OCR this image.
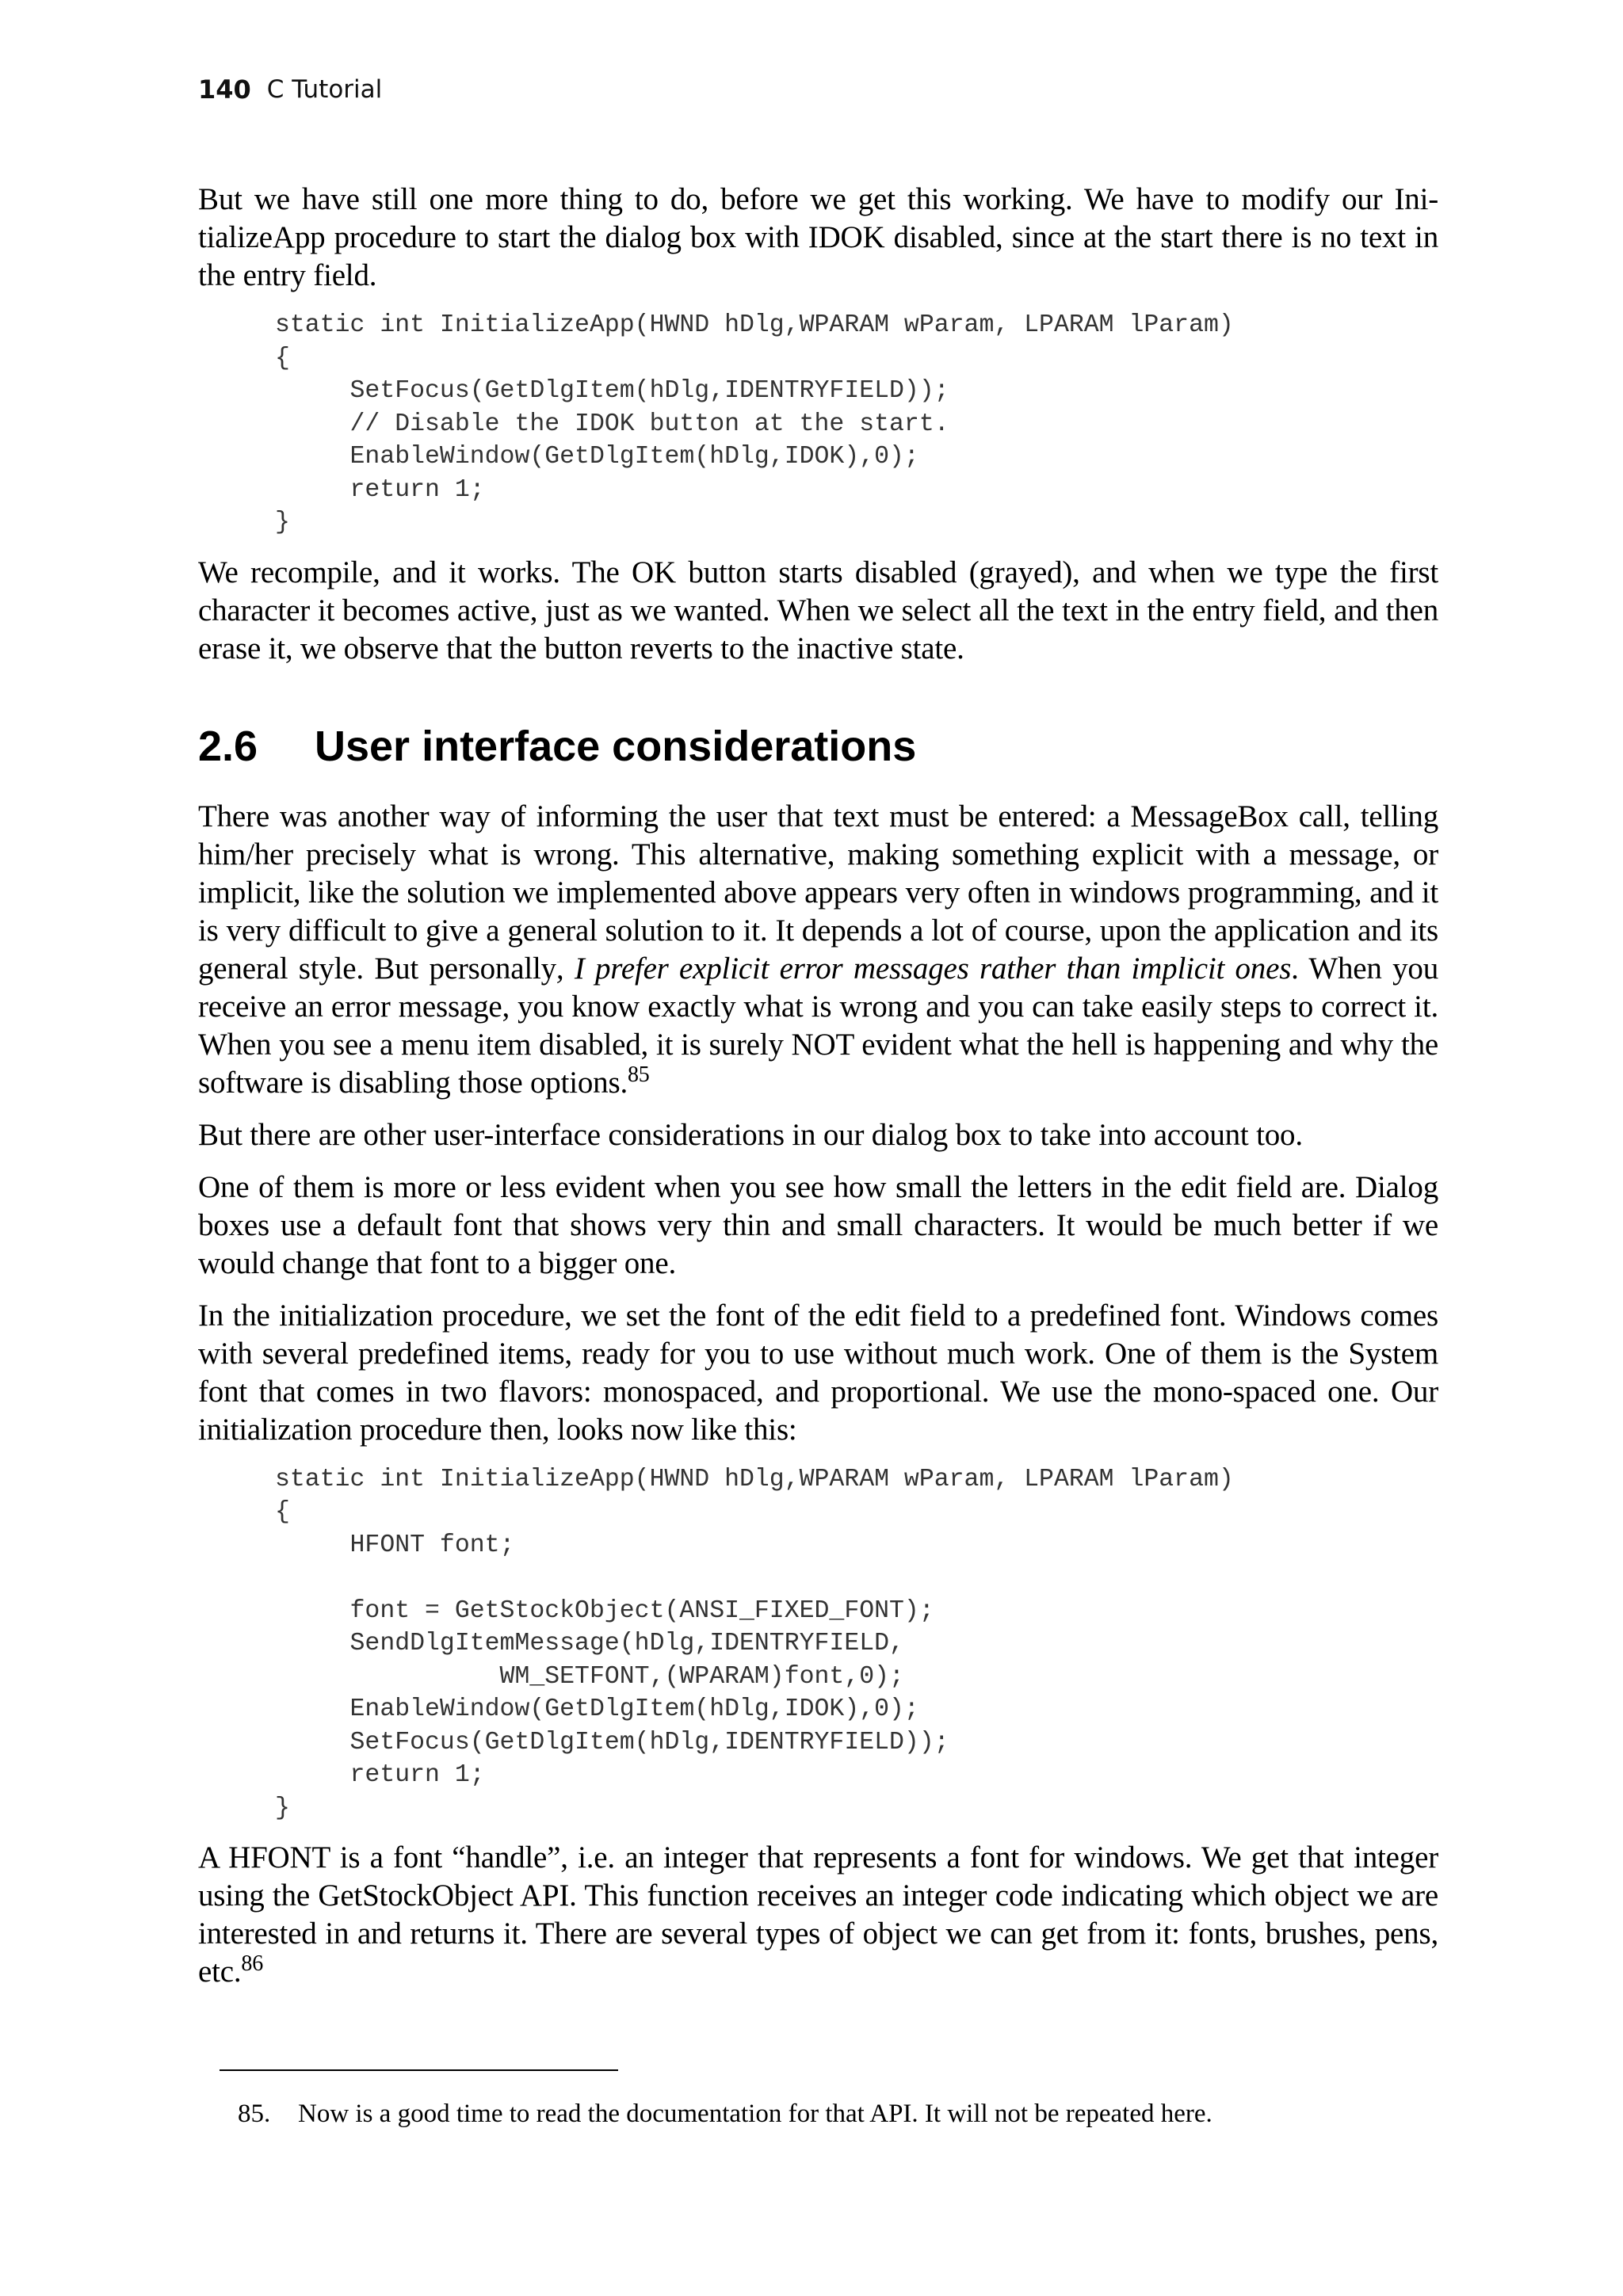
140 C Tutorial

But we have still one more thing to do, before we get this working. We have to modify our Ini-tializeApp procedure to start the dialog box with IDOK disabled, since at the start there is no text in the entry field.

static int InitializeApp(HWND hDlg,WPARAM wParam, LPARAM lParam)
{
SetFocus(GetDlgItem(hDlg,IDENTRYFIELD));
// Disable the IDOK button at the start.
EnableWindow(GetDlgItem(hDlg,IDOK),0);
return 1;
}

We recompile, and it works. The OK button starts disabled (grayed), and when we type the first character it becomes active, just as we wanted. When we select all the text in the entry field, and then erase it, we observe that the button reverts to the inactive state.

2.6	User interface considerations

There was another way of informing the user that text must be entered: a MessageBox call, telling him/her precisely what is wrong. This alternative, making something explicit with a message, or implicit, like the solution we implemented above appears very often in windows programming, and it is very difficult to give a general solution to it. It depends a lot of course, upon the application and its general style. But personally, I prefer explicit error messages rather than implicit ones. When you receive an error message, you know exactly what is wrong and you can take easily steps to correct it. When you see a menu item disabled, it is surely NOT evident what the hell is happening and why the software is disabling those options.$^{85}$

But there are other user-interface considerations in our dialog box to take into account too.

One of them is more or less evident when you see how small the letters in the edit field are. Dialog boxes use a default font that shows very thin and small characters. It would be much better if we would change that font to a bigger one.

In the initialization procedure, we set the font of the edit field to a predefined font. Windows comes with several predefined items, ready for you to use without much work. One of them is the System font that comes in two flavors: monospaced, and proportional. We use the mono-spaced one. Our initialization procedure then, looks now like this:

static int InitializeApp(HWND hDlg,WPARAM wParam, LPARAM lParam)
{
HFONT font;

font = GetStockObject(ANSI_FIXED_FONT);
SendDlgItemMessage(hDlg,IDENTRYFIELD,
WM_SETFONT,(WPARAM)font,0);
EnableWindow(GetDlgItem(hDlg,IDOK),0);
SetFocus(GetDlgItem(hDlg,IDENTRYFIELD));
return 1;
}

A HFONT is a font “handle”, i.e. an integer that represents a font for windows. We get that integer using the GetStockObject API. This function receives an integer code indicating which object we are interested in and returns it. There are several types of object we can get from it: fonts, brushes, pens, etc.$^{86}$

85. Now is a good time to read the documentation for that API. It will not be repeated here.
